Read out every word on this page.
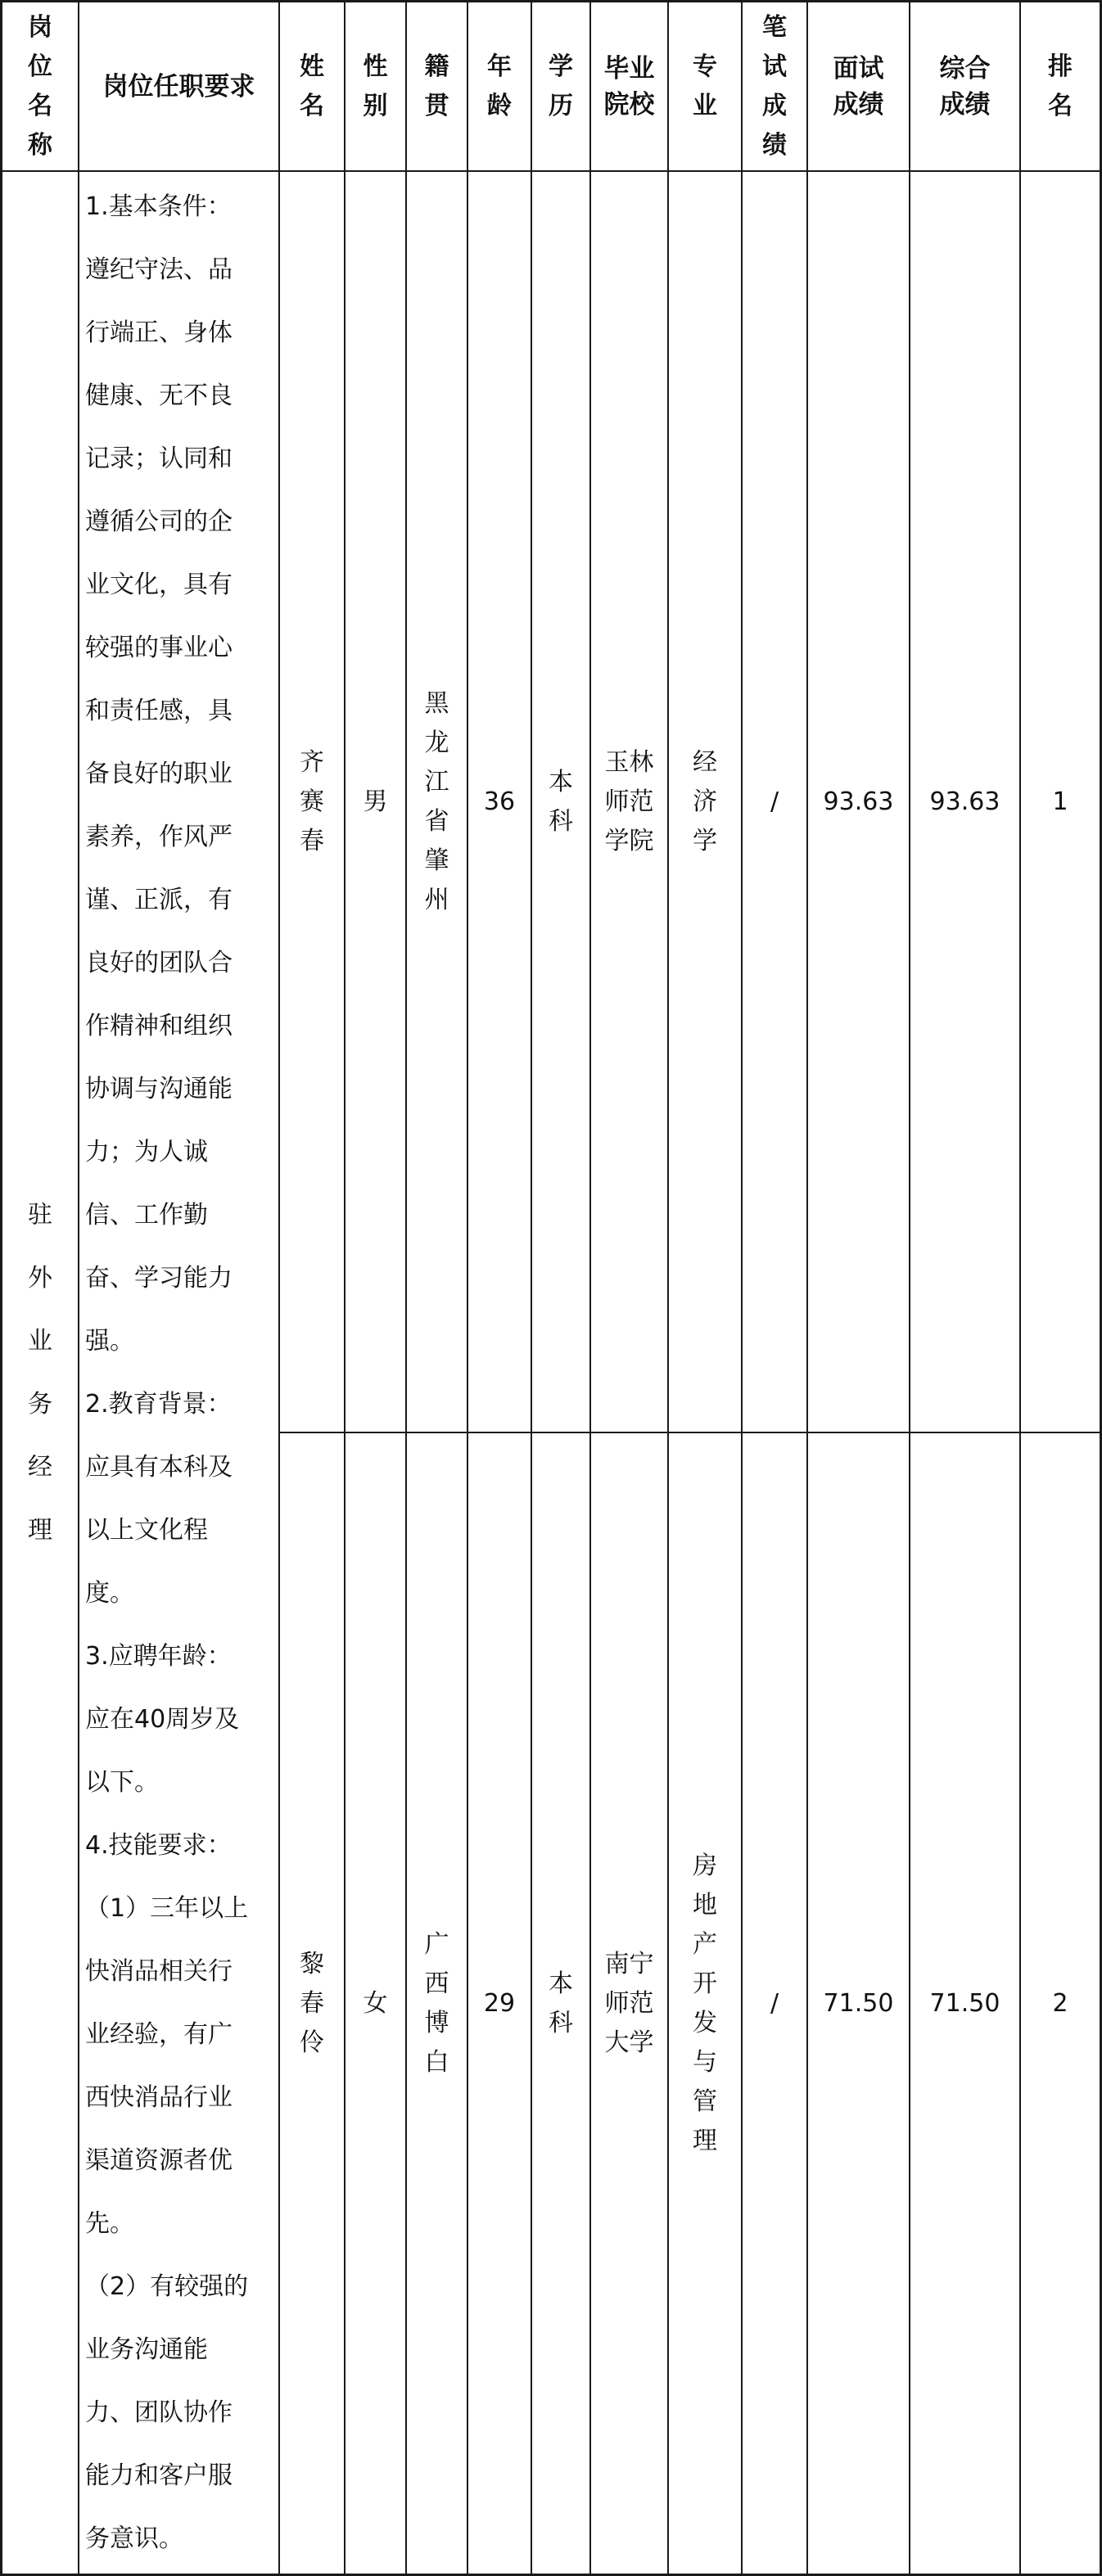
岗位名称
岗位任职要求
姓名
性别
籍贯
年龄
学历
毕业院校
专业
笔试成绩
面试成绩
综合成绩
排名
驻外业务经理
1.基本条件：
遵纪守法、品
行端正、身体
健康、无不良
记录；认同和
遵循公司的企
业文化，具有
较强的事业心
和责任感，具
备良好的职业
素养，作风严
谨、正派，有
良好的团队合
作精神和组织
协调与沟通能
力；为人诚
信、工作勤
奋、学习能力
强。
2.教育背景：
应具有本科及
以上文化程
度。
3.应聘年龄：
应在40周岁及
以下。
4.技能要求：
（1）三年以上
快消品相关行
业经验，有广
西快消品行业
渠道资源者优
先。
（2）有较强的
业务沟通能
力、团队协作
能力和客户服
务意识。
齐赛春
男
黑龙江省肇州
36
本科
玉林师范学院
经济学
/ 93.63 93.63 1
黎春伶
女
广西博白
29
本科
南宁师范大学
房地产开发与管理
/ 71.50 71.50 2
